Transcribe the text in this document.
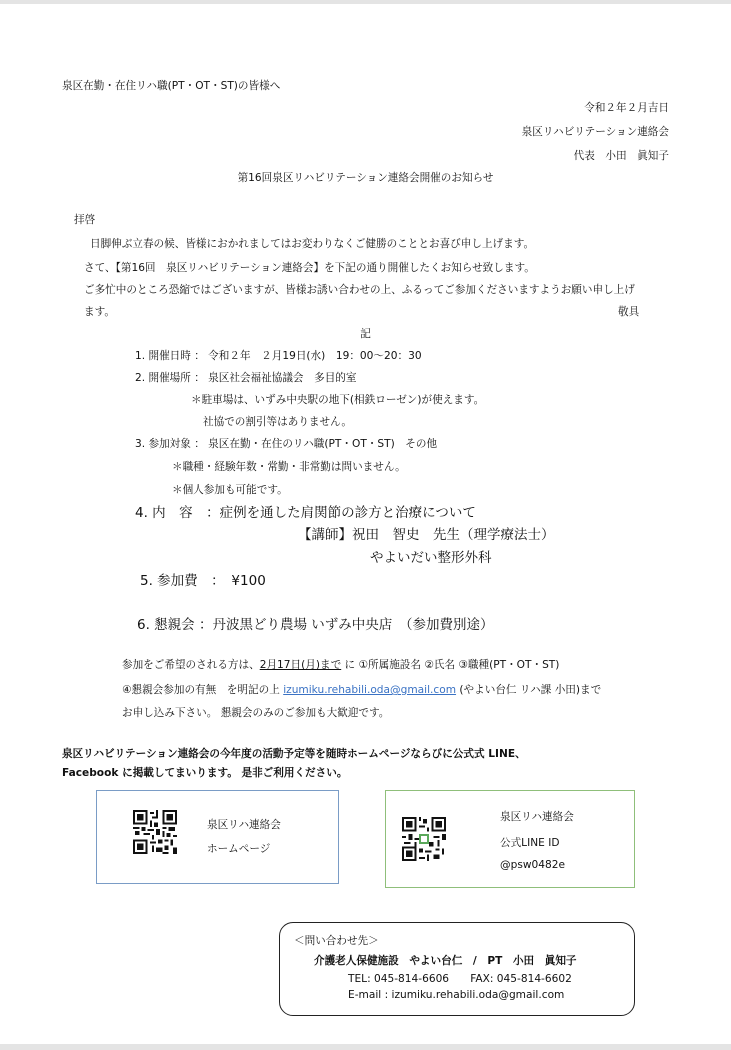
泉区在勤・在住リハ職(PT・OT・ST)の皆様へ
令和２年２月吉日
泉区リハビリテーション連絡会
代表　小田　眞知子
第16回泉区リハビリテーション連絡会開催のお知らせ
拝啓
日脚伸ぶ立春の候、皆様におかれましてはお変わりなくご健勝のこととお喜び申し上げます。
さて、【第16回　泉区リハビリテーション連絡会】を下記の通り開催したくお知らせ致します。
ご多忙中のところ恐縮ではございますが、皆様お誘い合わせの上、ふるってご参加くださいますようお願い申し上げ
ます。	敬具
記
1. 開催日時 ： 令和２年　２月19日(水)　19：00～20：30
2. 開催場所 ： 泉区社会福祉協議会　多目的室
＊駐車場は、いずみ中央駅の地下(相鉄ローゼン)が使えます。
社協での割引等はありません。
3. 参加対象 ： 泉区在勤・在住のリハ職(PT・OT・ST)　その他
＊職種・経験年数・常勤・非常勤は問いません。
＊個人参加も可能です。
4. 内　容　：症例を通した肩関節の診方と治療について
【講師】祝田　智史　先生（理学療法士）
やよいだい整形外科
5. 参加費　：　¥100
6. 懇親会 ：丹波黒どり農場 いずみ中央店　（参加費別途）
参加をご希望のされる方は、2月17日(月)まで に ①所属施設名 ②氏名 ③職種(PT・OT・ST)
④懇親会参加の有無　を明記の上 izumiku.rehabili.oda@gmail.com (やよい台仁 リハ課 小田)まで
お申し込み下さい。 懇親会のみのご参加も大歓迎です。
泉区リハビリテーション連絡会の今年度の活動予定等を随時ホームページならびに公式式 LINE、
Facebook に掲載してまいります。 是非ご利用ください。
泉区リハ連絡会
ホームページ
泉区リハ連絡会
公式LINE ID
@psw0482e
＜問い合わせ先＞
介護老人保健施設　やよい台仁　/　PT　小田　眞知子
TEL: 045-814-6606　　FAX: 045-814-6602
E-mail : izumiku.rehabili.oda@gmail.com
